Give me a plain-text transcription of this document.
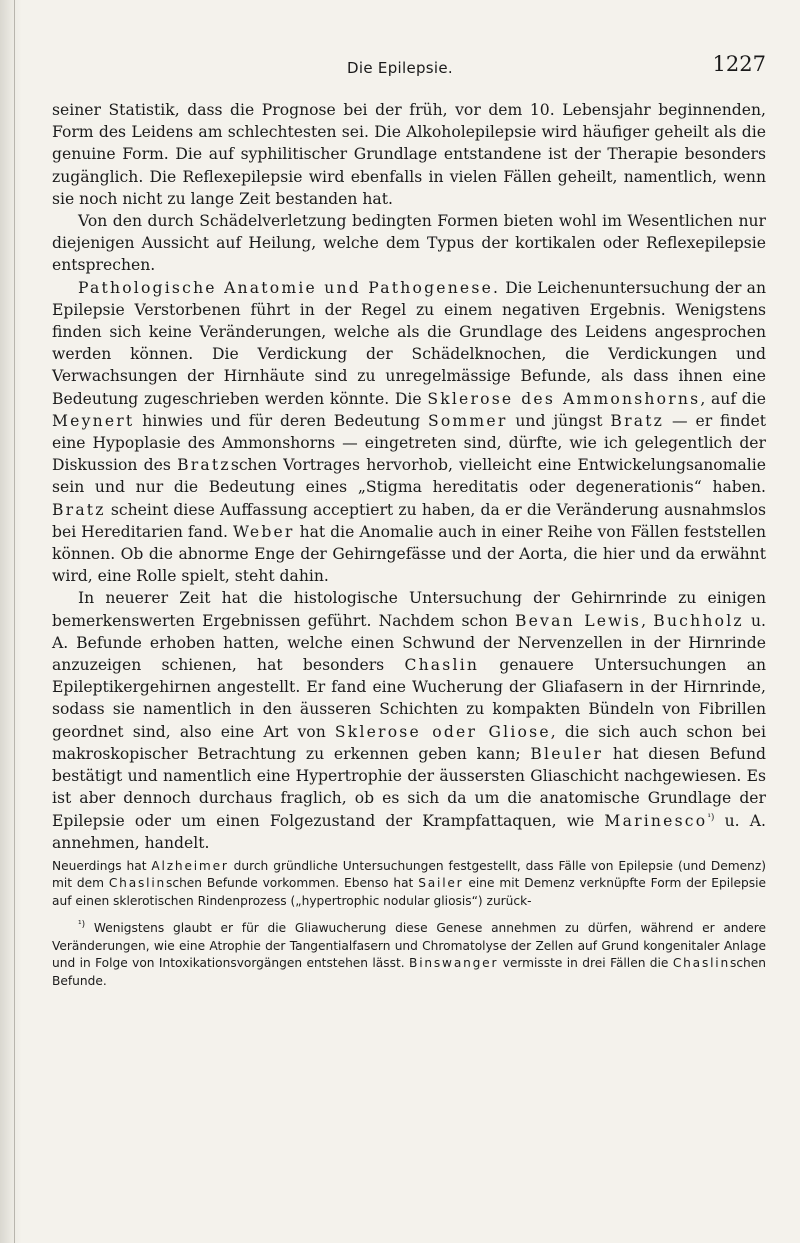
Die Epilepsie.	1227

seiner Statistik, dass die Prognose bei der früh, vor dem 10. Lebensjahr beginnenden, Form des Leidens am schlechtesten sei. Die Alkoholepilepsie wird häufiger geheilt als die genuine Form. Die auf syphilitischer Grundlage entstandene ist der Therapie besonders zugänglich. Die Reflexepilepsie wird ebenfalls in vielen Fällen geheilt, namentlich, wenn sie noch nicht zu lange Zeit bestanden hat.

Von den durch Schädelverletzung bedingten Formen bieten wohl im Wesentlichen nur diejenigen Aussicht auf Heilung, welche dem Typus der kortikalen oder Reflexepilepsie entsprechen.

Pathologische Anatomie und Pathogenese. Die Leichenuntersuchung der an Epilepsie Verstorbenen führt in der Regel zu einem negativen Ergebnis. Wenigstens finden sich keine Veränderungen, welche als die Grundlage des Leidens angesprochen werden können. Die Verdickung der Schädelknochen, die Verdickungen und Verwachsungen der Hirnhäute sind zu unregelmässige Befunde, als dass ihnen eine Bedeutung zugeschrieben werden könnte. Die Sklerose des Ammonshorns, auf die Meynert hinwies und für deren Bedeutung Sommer und jüngst Bratz — er findet eine Hypoplasie des Ammonshorns — eingetreten sind, dürfte, wie ich gelegentlich der Diskussion des Bratzschen Vortrages hervorhob, vielleicht eine Entwickelungsanomalie sein und nur die Bedeutung eines „Stigma hereditatis oder degenerationis“ haben. Bratz scheint diese Auffassung acceptiert zu haben, da er die Veränderung ausnahmslos bei Hereditarien fand. Weber hat die Anomalie auch in einer Reihe von Fällen feststellen können. Ob die abnorme Enge der Gehirngefässe und der Aorta, die hier und da erwähnt wird, eine Rolle spielt, steht dahin.

In neuerer Zeit hat die histologische Untersuchung der Gehirnrinde zu einigen bemerkenswerten Ergebnissen geführt. Nachdem schon Bevan Lewis, Buchholz u. A. Befunde erhoben hatten, welche einen Schwund der Nervenzellen in der Hirnrinde anzuzeigen schienen, hat besonders Chaslin genauere Untersuchungen an Epileptikergehirnen angestellt. Er fand eine Wucherung der Gliafasern in der Hirnrinde, sodass sie namentlich in den äusseren Schichten zu kompakten Bündeln von Fibrillen geordnet sind, also eine Art von Sklerose oder Gliose, die sich auch schon bei makroskopischer Betrachtung zu erkennen geben kann; Bleuler hat diesen Befund bestätigt und namentlich eine Hypertrophie der äussersten Gliaschicht nachgewiesen. Es ist aber dennoch durchaus fraglich, ob es sich da um die anatomische Grundlage der Epilepsie oder um einen Folgezustand der Krampfattaquen, wie Marinesco$^{^1)}$ u. A. annehmen, handelt.

Neuerdings hat Alzheimer durch gründliche Untersuchungen festgestellt, dass Fälle von Epilepsie (und Demenz) mit dem Chaslinschen Befunde vorkommen. Ebenso hat Sailer eine mit Demenz verknüpfte Form der Epilepsie auf einen sklerotischen Rindenprozess („hypertrophic nodular gliosis“) zurück-

$^{^1)}$ Wenigstens glaubt er für die Gliawucherung diese Genese annehmen zu dürfen, während er andere Veränderungen, wie eine Atrophie der Tangentialfasern und Chromatolyse der Zellen auf Grund kongenitaler Anlage und in Folge von Intoxikationsvorgängen entstehen lässt. Binswanger vermisste in drei Fällen die Chaslinschen Befunde.
